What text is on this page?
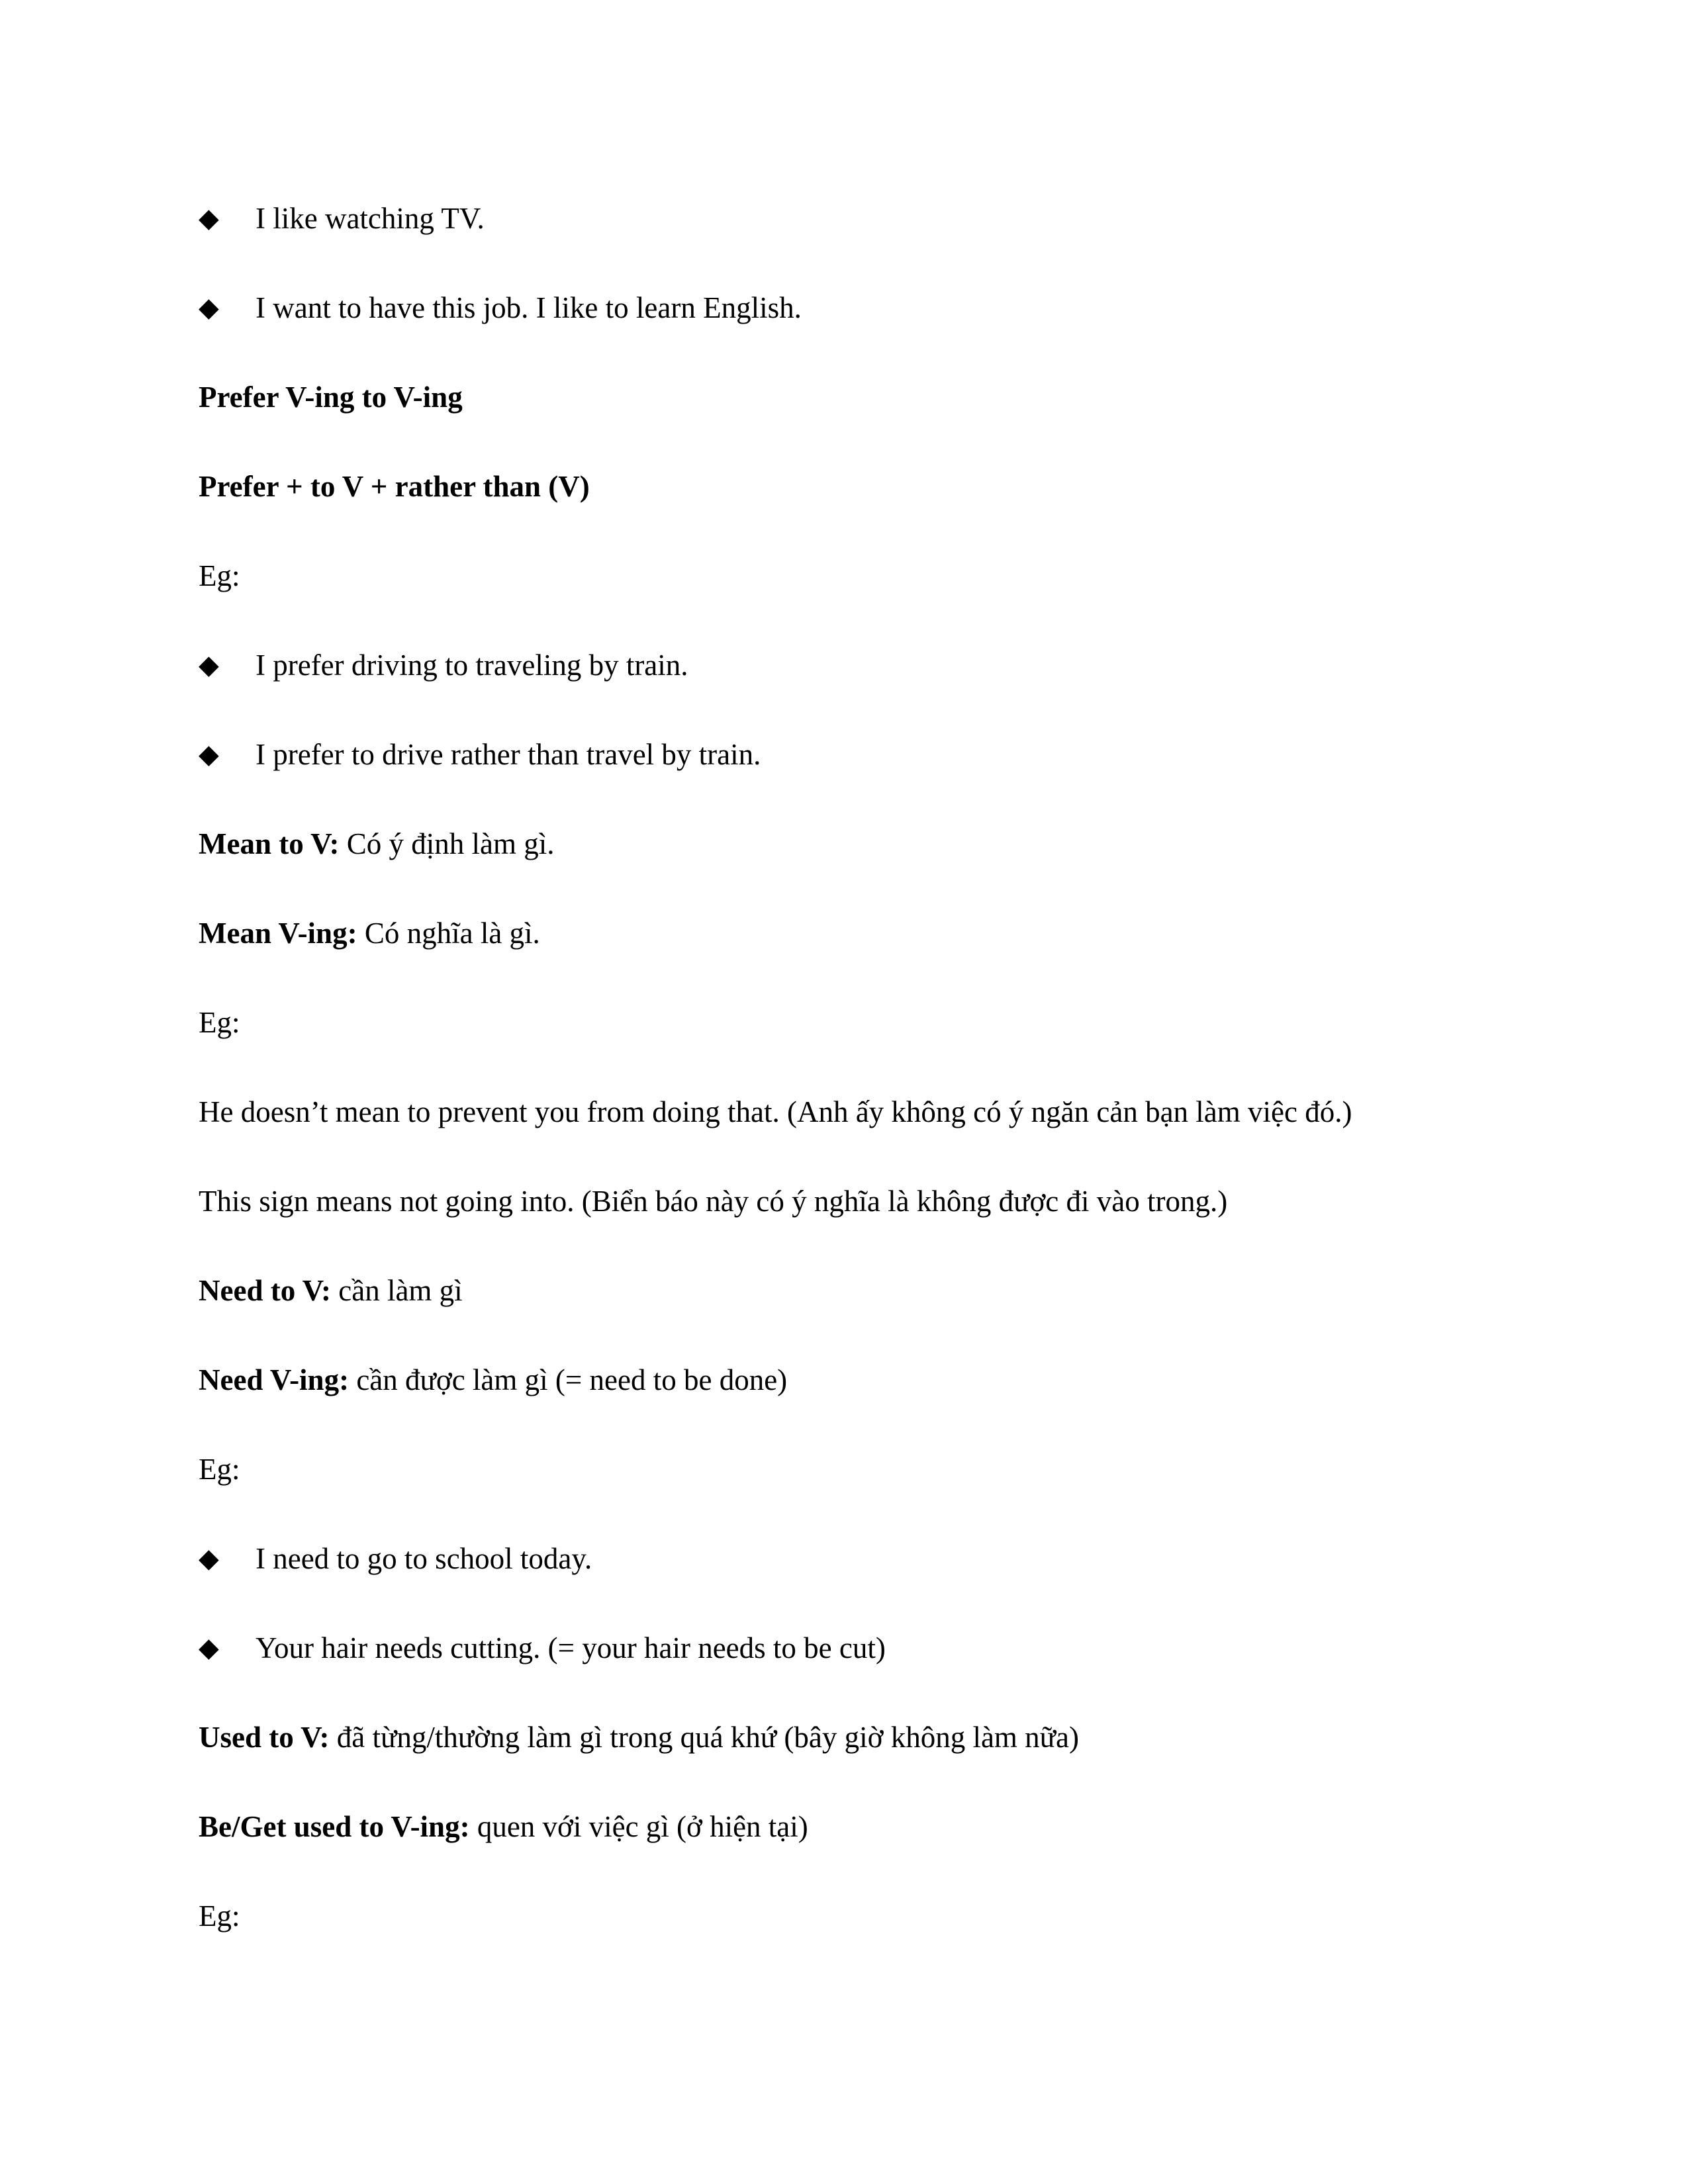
◆ I like watching TV.
◆ I want to have this job. I like to learn English.
Prefer V-ing to V-ing
Prefer + to V + rather than (V)
Eg:
◆ I prefer driving to traveling by train.
◆ I prefer to drive rather than travel by train.
Mean to V: Có ý định làm gì.
Mean V-ing: Có nghĩa là gì.
Eg:
He doesn’t mean to prevent you from doing that. (Anh ấy không có ý ngăn cản bạn làm việc đó.)
This sign means not going into. (Biển báo này có ý nghĩa là không được đi vào trong.)
Need to V: cần làm gì
Need V-ing: cần được làm gì (= need to be done)
Eg:
◆ I need to go to school today.
◆ Your hair needs cutting. (= your hair needs to be cut)
Used to V: đã từng/thường làm gì trong quá khứ (bây giờ không làm nữa)
Be/Get used to V-ing: quen với việc gì (ở hiện tại)
Eg:
